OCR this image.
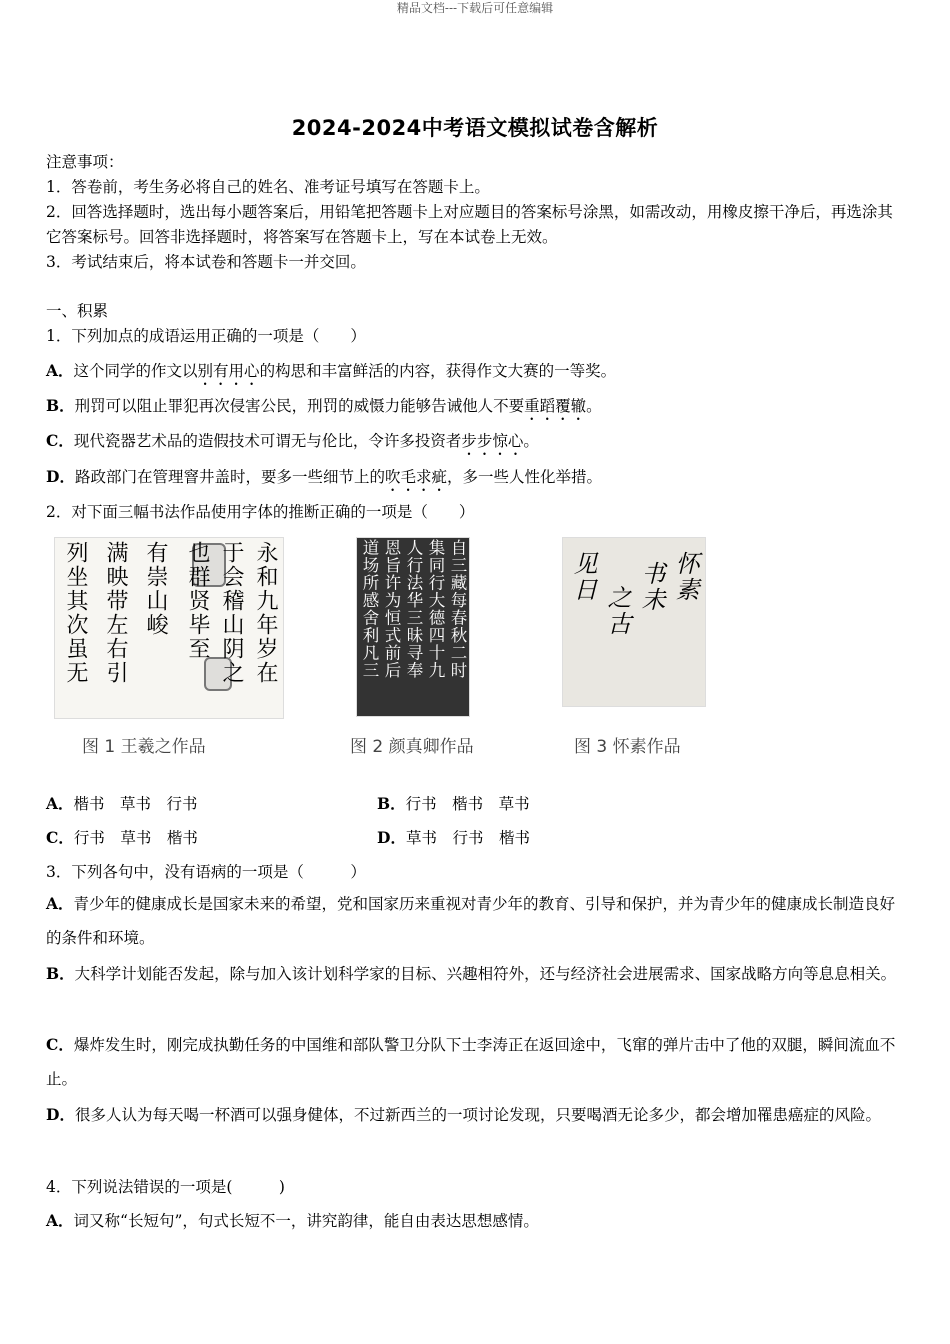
精品文档---下载后可任意编辑
2024-2024中考语文模拟试卷含解析
注意事项：
1．答卷前，考生务必将自己的姓名、准考证号填写在答题卡上。
2．回答选择题时，选出每小题答案后，用铅笔把答题卡上对应题目的答案标号涂黑，如需改动，用橡皮擦干净后，再选涂其它答案标号。回答非选择题时，将答案写在答题卡上，写在本试卷上无效。
3．考试结束后，将本试卷和答题卡一并交回。
一、积累
1．下列加点的成语运用正确的一项是（　　）
A．这个同学的作文以别有用心的构思和丰富鲜活的内容，获得作文大赛的一等奖。
B．刑罚可以阻止罪犯再次侵害公民，刑罚的威慑力能够告诫他人不要重蹈覆辙。
C．现代瓷器艺术品的造假技术可谓无与伦比，令许多投资者步步惊心。
D．路政部门在管理窨井盖时，要多一些细节上的吹毛求疵，多一些人性化举措。
2．对下面三幅书法作品使用字体的推断正确的一项是（　　）
永和九年岁在
于会稽山阴之
也群贤毕至
有崇山峻
满映带左右引
列坐其次虽无
图 1 王羲之作品
自三藏每春秋二时
集同行大德四十九
人行法华三昧寻奉
恩旨许为恒式前后
道场所感舍利凡三
图 2 颜真卿作品
怀素
书未
之古
见日
图 3 怀素作品
A．楷书　草书　行书	B．行书　楷书　草书
C．行书　草书　楷书	D．草书　行书　楷书
3．下列各句中，没有语病的一项是（　　　）
A．青少年的健康成长是国家未来的希望，党和国家历来重视对青少年的教育、引导和保护，并为青少年的健康成长制造良好的条件和环境。
B．大科学计划能否发起，除与加入该计划科学家的目标、兴趣相符外，还与经济社会进展需求、国家战略方向等息息相关。
C．爆炸发生时，刚完成执勤任务的中国维和部队警卫分队下士李涛正在返回途中，飞窜的弹片击中了他的双腿，瞬间流血不止。
D．很多人认为每天喝一杯酒可以强身健体，不过新西兰的一项讨论发现，只要喝酒无论多少，都会增加罹患癌症的风险。
4．下列说法错误的一项是(　　　)
A．词又称“长短句”，句式长短不一，讲究韵律，能自由表达思想感情。
